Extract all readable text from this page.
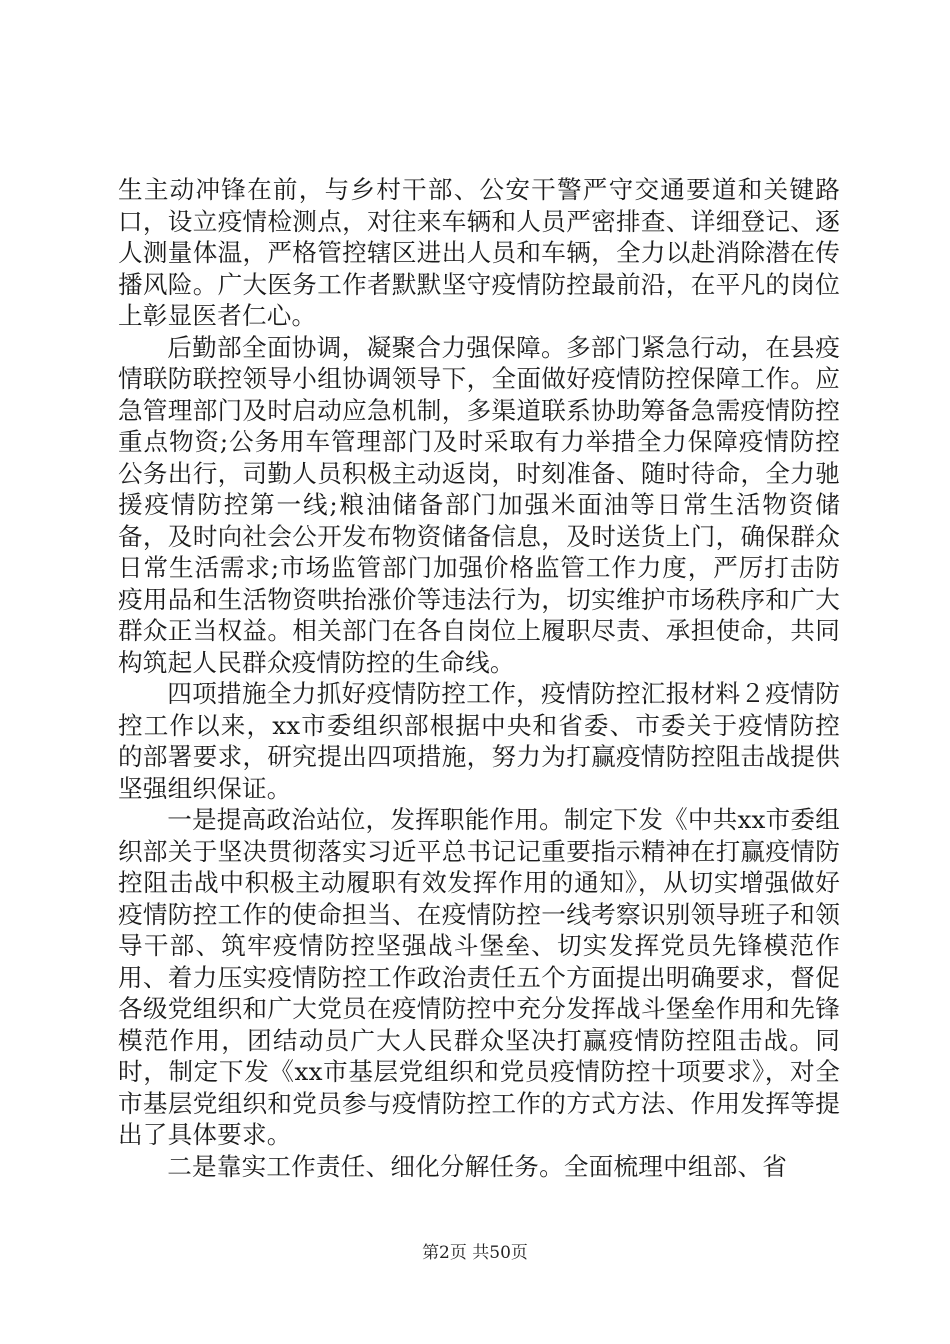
生主动冲锋在前，与乡村干部、公安干警严守交通要道和关键路口，设立疫情检测点，对往来车辆和人员严密排查、详细登记、逐人测量体温，严格管控辖区进出人员和车辆，全力以赴消除潜在传播风险。广大医务工作者默默坚守疫情防控最前沿，在平凡的岗位上彰显医者仁心。

后勤部全面协调，凝聚合力强保障。多部门紧急行动，在县疫情联防联控领导小组协调领导下，全面做好疫情防控保障工作。应急管理部门及时启动应急机制，多渠道联系协助筹备急需疫情防控重点物资;公务用车管理部门及时采取有力举措全力保障疫情防控公务出行，司勤人员积极主动返岗，时刻准备、随时待命，全力驰援疫情防控第一线;粮油储备部门加强米面油等日常生活物资储备，及时向社会公开发布物资储备信息，及时送货上门，确保群众日常生活需求;市场监管部门加强价格监管工作力度，严厉打击防疫用品和生活物资哄抬涨价等违法行为，切实维护市场秩序和广大群众正当权益。相关部门在各自岗位上履职尽责、承担使命，共同构筑起人民群众疫情防控的生命线。

四项措施全力抓好疫情防控工作，疫情防控汇报材料２疫情防控工作以来，xx市委组织部根据中央和省委、市委关于疫情防控的部署要求，研究提出四项措施，努力为打赢疫情防控阻击战提供坚强组织保证。

一是提高政治站位，发挥职能作用。制定下发《中共xx市委组织部关于坚决贯彻落实习近平总书记记重要指示精神在打赢疫情防控阻击战中积极主动履职有效发挥作用的通知》，从切实增强做好疫情防控工作的使命担当、在疫情防控一线考察识别领导班子和领导干部、筑牢疫情防控坚强战斗堡垒、切实发挥党员先锋模范作用、着力压实疫情防控工作政治责任五个方面提出明确要求，督促各级党组织和广大党员在疫情防控中充分发挥战斗堡垒作用和先锋模范作用，团结动员广大人民群众坚决打赢疫情防控阻击战。同时，制定下发《xx市基层党组织和党员疫情防控十项要求》，对全市基层党组织和党员参与疫情防控工作的方式方法、作用发挥等提出了具体要求。

二是靠实工作责任、细化分解任务。全面梳理中组部、省

第2页 共50页
